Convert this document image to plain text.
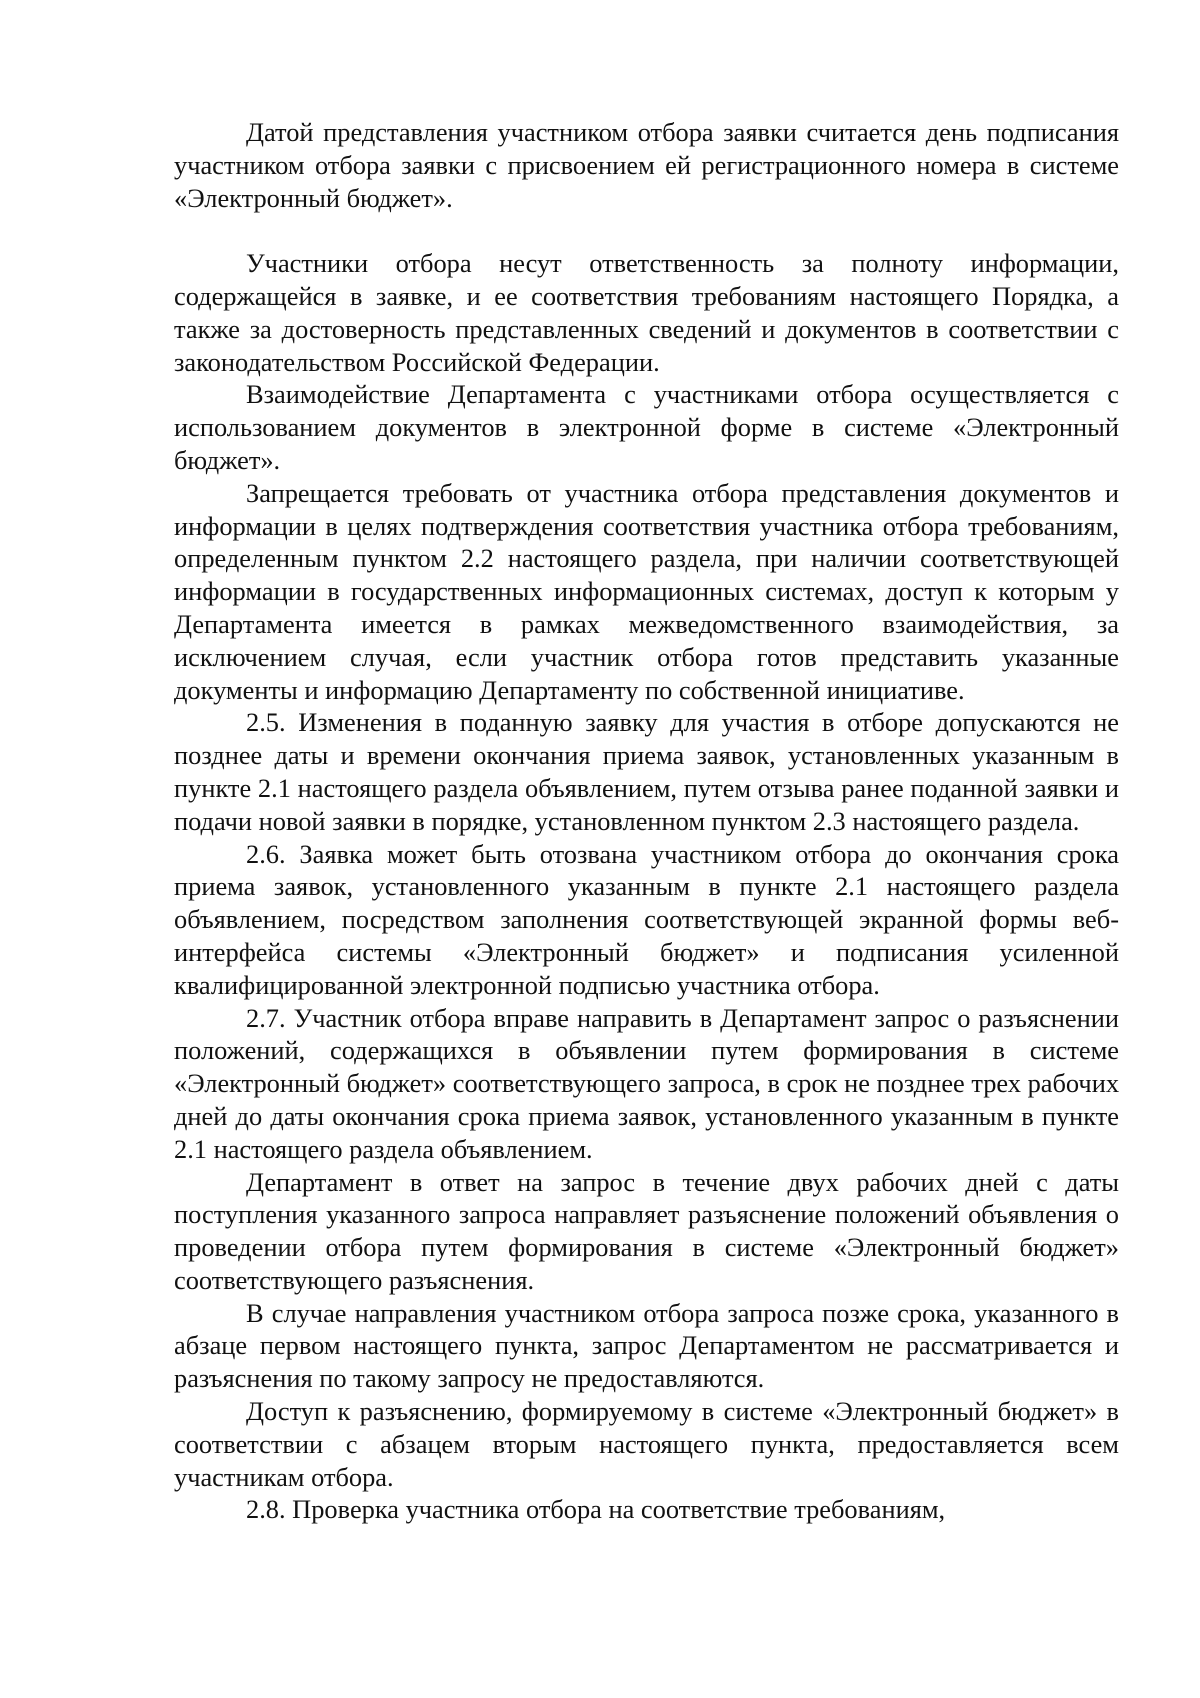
Датой представления участником отбора заявки считается день подписания участником отбора заявки с присвоением ей регистрационного номера в системе «Электронный бюджет».

Участники отбора несут ответственность за полноту информации, содержащейся в заявке, и ее соответствия требованиям настоящего Порядка, а также за достоверность представленных сведений и документов в соответствии с законодательством Российской Федерации.

Взаимодействие Департамента с участниками отбора осуществляется с использованием документов в электронной форме в системе «Электронный бюджет».

Запрещается требовать от участника отбора представления документов и информации в целях подтверждения соответствия участника отбора требованиям, определенным пунктом 2.2 настоящего раздела, при наличии соответствующей информации в государственных информационных системах, доступ к которым у Департамента имеется в рамках межведомственного взаимодействия, за исключением случая, если участник отбора готов представить указанные документы и информацию Департаменту по собственной инициативе.

2.5. Изменения в поданную заявку для участия в отборе допускаются не позднее даты и времени окончания приема заявок, установленных указанным в пункте 2.1 настоящего раздела объявлением, путем отзыва ранее поданной заявки и подачи новой заявки в порядке, установленном пунктом 2.3 настоящего раздела.

2.6. Заявка может быть отозвана участником отбора до окончания срока приема заявок, установленного указанным в пункте 2.1 настоящего раздела объявлением, посредством заполнения соответствующей экранной формы веб-интерфейса системы «Электронный бюджет» и подписания усиленной квалифицированной электронной подписью участника отбора.

2.7. Участник отбора вправе направить в Департамент запрос о разъяснении положений, содержащихся в объявлении путем формирования в системе «Электронный бюджет» соответствующего запроса, в срок не позднее трех рабочих дней до даты окончания срока приема заявок, установленного указанным в пункте 2.1 настоящего раздела объявлением.

Департамент в ответ на запрос в течение двух рабочих дней с даты поступления указанного запроса направляет разъяснение положений объявления о проведении отбора путем формирования в системе «Электронный бюджет» соответствующего разъяснения.

В случае направления участником отбора запроса позже срока, указанного в абзаце первом настоящего пункта, запрос Департаментом не рассматривается и разъяснения по такому запросу не предоставляются.

Доступ к разъяснению, формируемому в системе «Электронный бюджет» в соответствии с абзацем вторым настоящего пункта, предоставляется всем участникам отбора.

2.8. Проверка участника отбора на соответствие требованиям,
